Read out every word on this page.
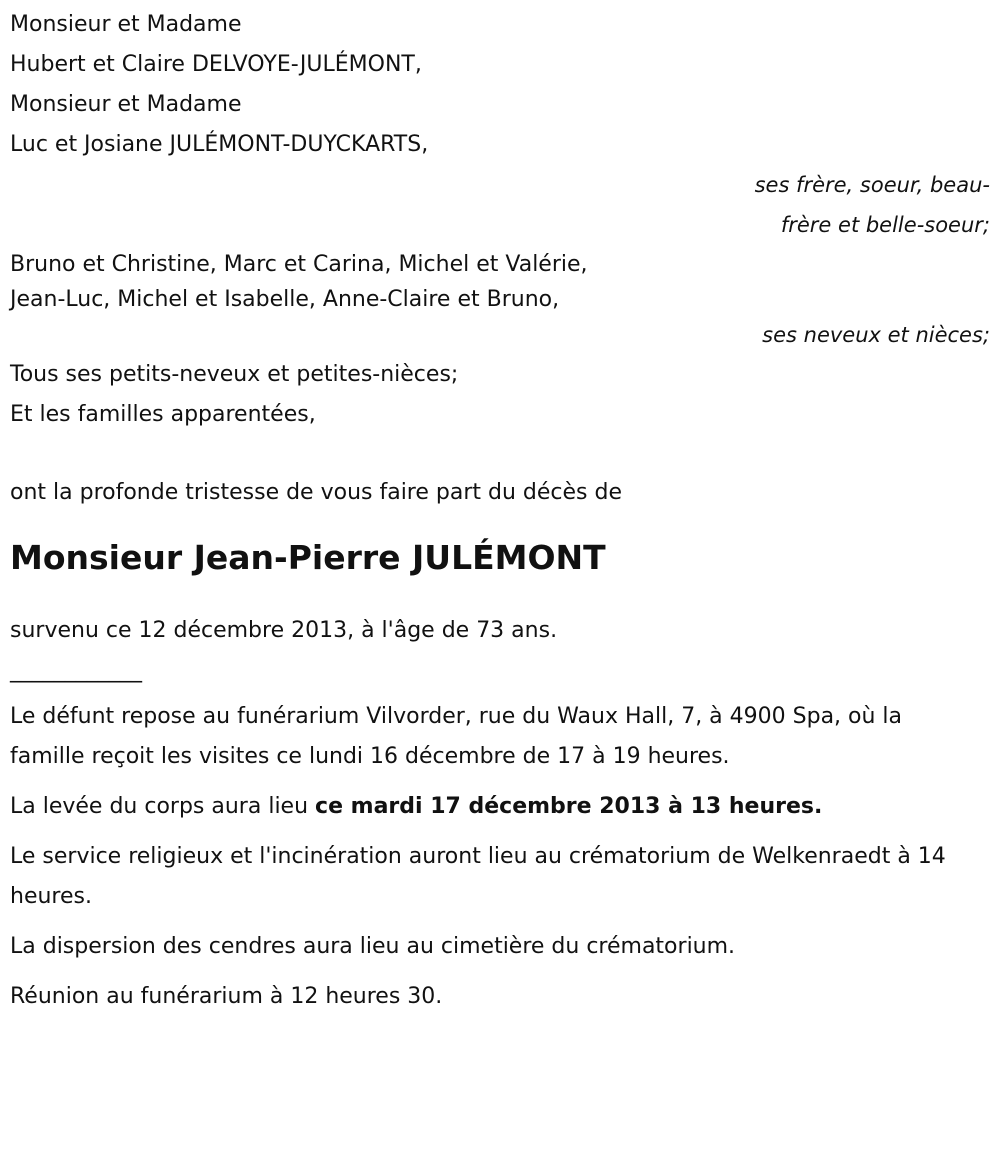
Monsieur et Madame
Hubert et Claire DELVOYE-JULÉMONT,
Monsieur et Madame
Luc et Josiane JULÉMONT-DUYCKARTS,
ses frère, soeur, beau-frère et belle-soeur;
Bruno et Christine, Marc et Carina, Michel et Valérie,
Jean-Luc, Michel et Isabelle, Anne-Claire et Bruno,
ses neveux et nièces;
Tous ses petits-neveux et petites-nièces;
Et les familles apparentées,
ont la profonde tristesse de vous faire part du décès de
Monsieur Jean-Pierre JULÉMONT
survenu ce 12 décembre 2013, à l'âge de 73 ans.
____________
Le défunt repose au funérarium Vilvorder, rue du Waux Hall, 7, à 4900 Spa, où la famille reçoit les visites ce lundi 16 décembre de 17 à 19 heures.
La levée du corps aura lieu ce mardi 17 décembre 2013 à 13 heures.
Le service religieux et l'incinération auront lieu au crématorium de Welkenraedt à 14 heures.
La dispersion des cendres aura lieu au cimetière du crématorium.
Réunion au funérarium à 12 heures 30.
